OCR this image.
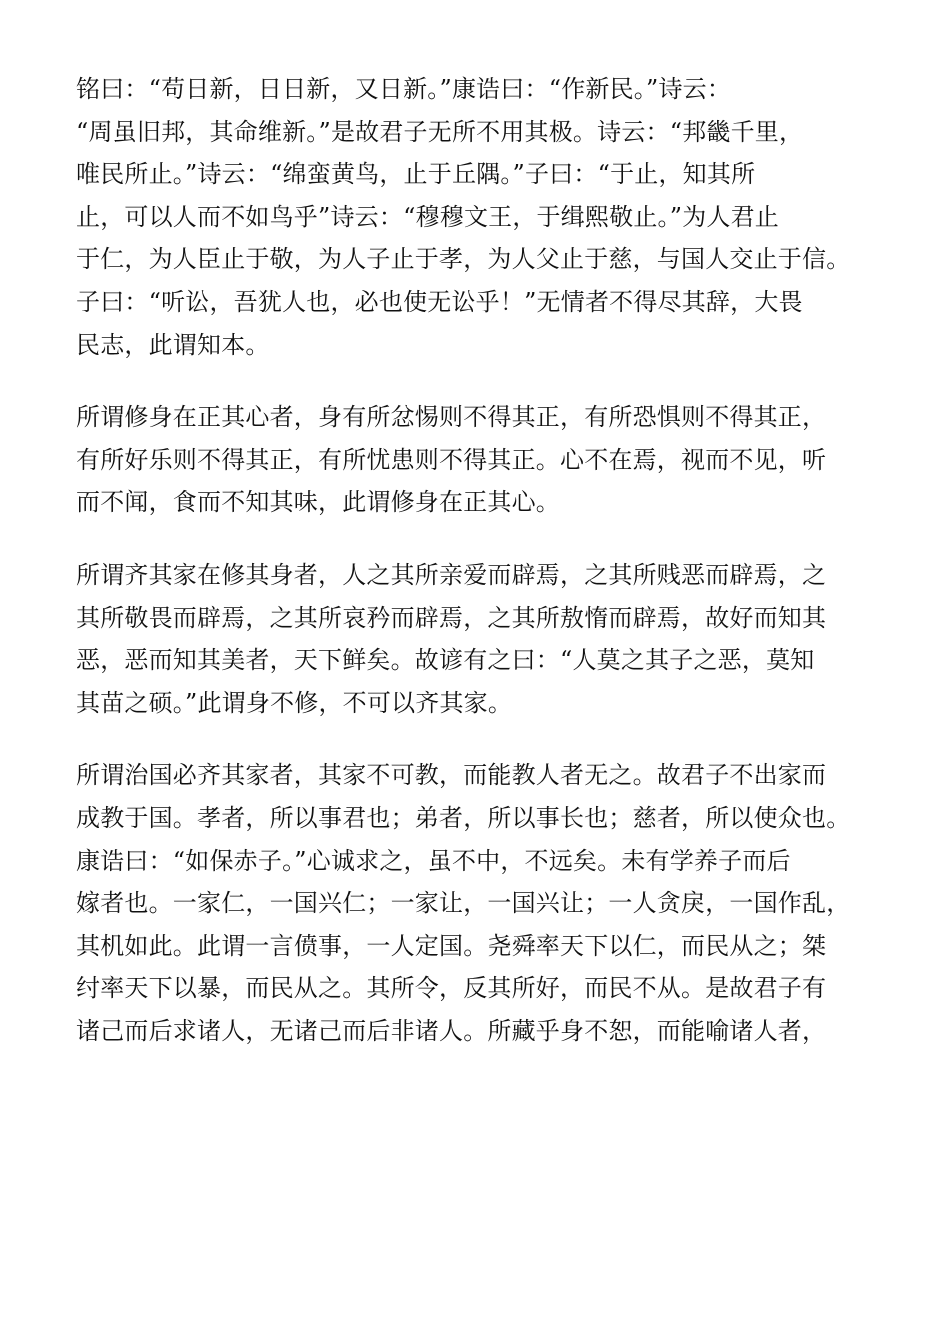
铭曰：“苟日新，日日新，又日新。”康诰曰：“作新民。”诗云：
“周虽旧邦，其命维新。”是故君子无所不用其极。诗云：“邦畿千里，
唯民所止。”诗云：“绵蛮黄鸟，止于丘隅。”子曰：“于止，知其所
止，可以人而不如鸟乎”诗云：“穆穆文王，于缉熙敬止。”为人君止
于仁，为人臣止于敬，为人子止于孝，为人父止于慈，与国人交止于信。
子曰：“听讼，吾犹人也，必也使无讼乎！”无情者不得尽其辞，大畏
民志，此谓知本。
所谓修身在正其心者，身有所忿惕则不得其正，有所恐惧则不得其正，
有所好乐则不得其正，有所忧患则不得其正。心不在焉，视而不见，听
而不闻，食而不知其味，此谓修身在正其心。
所谓齐其家在修其身者，人之其所亲爱而辟焉，之其所贱恶而辟焉，之
其所敬畏而辟焉，之其所哀矜而辟焉，之其所敖惰而辟焉，故好而知其
恶，恶而知其美者，天下鲜矣。故谚有之曰：“人莫之其子之恶，莫知
其苗之硕。”此谓身不修，不可以齐其家。
所谓治国必齐其家者，其家不可教，而能教人者无之。故君子不出家而
成教于国。孝者，所以事君也；弟者，所以事长也；慈者，所以使众也。
康诰曰：“如保赤子。”心诚求之，虽不中，不远矣。未有学养子而后
嫁者也。一家仁，一国兴仁；一家让，一国兴让；一人贪戾，一国作乱，
其机如此。此谓一言偾事，一人定国。尧舜率天下以仁，而民从之；桀
纣率天下以暴，而民从之。其所令，反其所好，而民不从。是故君子有
诸己而后求诸人，无诸己而后非诸人。所藏乎身不恕，而能喻诸人者，
